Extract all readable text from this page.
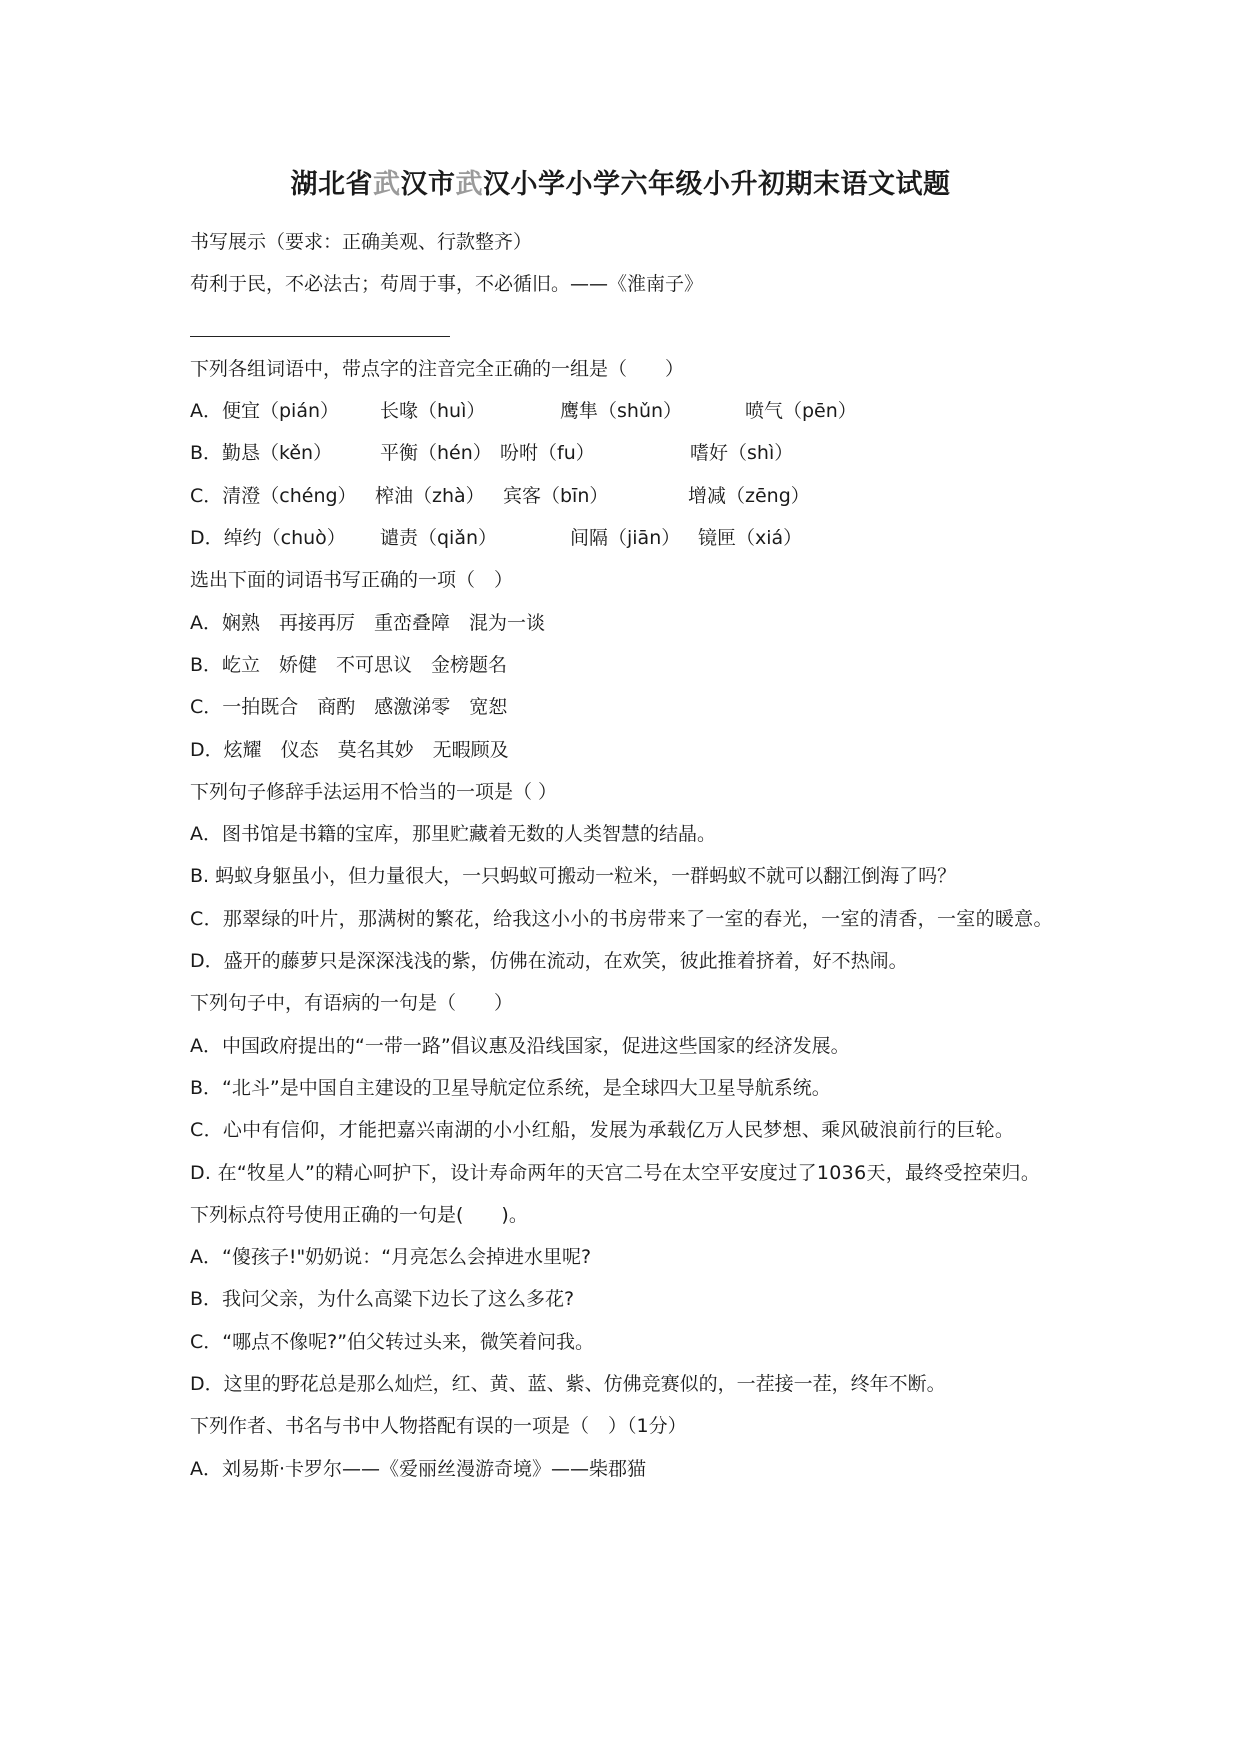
湖北省武汉市武汉小学小学六年级小升初期末语文试题
书写展示（要求：正确美观、行款整齐）
苟利于民，不必法古；苟周于事，不必循旧。——《淮南子》
下列各组词语中，带点字的注音完全正确的一组是（　　）
A．便宜（pián） 长喙（huì）	鹰隼（shǔn）	喷气（pēn）
B．勤恳（kěn）	平衡（hén） 吩咐（fu）	嗜好（shì）
C．清澄（chéng） 榨油（zhà） 宾客（bīn）	增减（zēng）
D．绰约（chuò） 谴责（qiǎn）	间隔（jiān） 镜匣（xiá）
选出下面的词语书写正确的一项（　）
A．娴熟　再接再厉　重峦叠障　混为一谈
B．屹立　娇健　不可思议　金榜题名
C．一拍既合　商酌　感激涕零　宽恕
D．炫耀　仪态　莫名其妙　无暇顾及
下列句子修辞手法运用不恰当的一项是（ ）
A．图书馆是书籍的宝库，那里贮藏着无数的人类智慧的结晶。
B. 蚂蚁身躯虽小，但力量很大，一只蚂蚁可搬动一粒米，一群蚂蚁不就可以翻江倒海了吗？
C．那翠绿的叶片，那满树的繁花，给我这小小的书房带来了一室的春光，一室的清香，一室的暖意。
D．盛开的藤萝只是深深浅浅的紫，仿佛在流动，在欢笑，彼此推着挤着，好不热闹。
下列句子中，有语病的一句是（　　）
A．中国政府提出的“一带一路”倡议惠及沿线国家，促进这些国家的经济发展。
B．“北斗”是中国自主建设的卫星导航定位系统，是全球四大卫星导航系统。
C．心中有信仰，才能把嘉兴南湖的小小红船，发展为承载亿万人民梦想、乘风破浪前行的巨轮。
D. 在“牧星人”的精心呵护下，设计寿命两年的天宫二号在太空平安度过了1036天，最终受控荣归。
下列标点符号使用正确的一句是(　　)。
A．“傻孩子!"奶奶说：“月亮怎么会掉进水里呢?
B．我问父亲，为什么高粱下边长了这么多花?
C．“哪点不像呢?”伯父转过头来，微笑着问我。
D．这里的野花总是那么灿烂，红、黄、蓝、紫、仿佛竞赛似的，一茬接一茬，终年不断。
下列作者、书名与书中人物搭配有误的一项是（　）（1分）
A．刘易斯·卡罗尔——《爱丽丝漫游奇境》——柴郡猫
